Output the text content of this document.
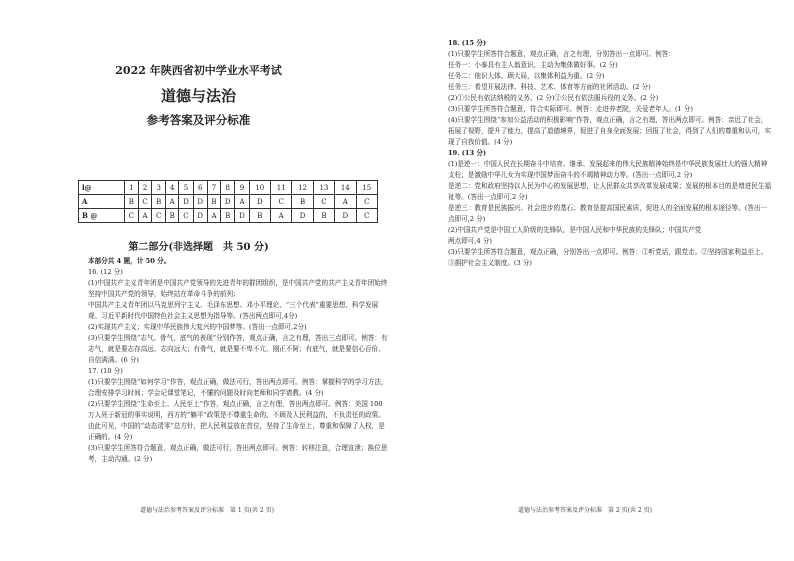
2022 年陕西省初中学业水平考试
道德与法治
参考答案及评分标准
l@	1	2	3	4	5	6	7	8	9	10	11	12	13	14	15
A	B	C	B	A	D	D	B	D	A	D	C	B	C	A	C
B @	C	A	C	B	C	D	A	B	D	B	A	D	B	D	C
第二部分(非选择题　共 50 分)

本部分共 4 题，计 50 分。

16. (12 分)

(1)中国共产主义青年团是中国共产党领导的先进青年的群团组织，是中国共产党的共产主义青年团始终坚持中国共产党的领导，始终站在革命斗争的前列；

中国共产主义青年团以马克思列宁主义、毛泽东思想、邓小平理论、“三个代表”重要思想、科学发展观、习近平新时代中国特色社会主义思想为指导等。(答出两点即可,4分)

(2)实现共产主义；实现中华民族伟大复兴的中国梦等。(答出一点即可,2分)

(3)只要学生围绕“志气、骨气、底气的表现”分别作答，观点正确，言之有理，答出三点即可。例答：有志气，就是要志存高远、志向远大；有骨气，就是要不卑不亢、刚正不阿；有底气，就是要信心百倍、自信满满。(6 分)

17. (10 分)

(1)只要学生围绕“如何学习”作答，观点正确，做法可行，答出两点即可。例答：掌握科学的学习方法，合理安排学习时间；学会记课堂笔记，不懂的问题及时向老师和同学请教。(4 分)

(2)只要学生围绕“生命至上、人民至上”作答，观点正确，言之有理，答出两点即可。例答：美国 100 万人死于新冠的事实说明，西方的“躺平”政策是不尊重生命的，不顾及人民利益的，不负责任的政策。由此可见，中国的“动态清零”总方针，把人民利益放在首位，坚持了生命至上，尊重和保障了人权，是正确的。(4 分)

(3)只要学生所答符合题意，观点正确，做法可行，答出两点即可。例答：转移注意，合理宣泄；换位思考，主动沟通。(2 分)

道德与法治参考答案及评分标准　第 1 页(共 2 页)

18. (15 分)

(1)只要学生所答符合题意，观点正确，言之有理，分别答出一点即可。例答：

任务一：小泰具有主人翁意识，主动为集体做好事。(2 分)

任务二：他识大体、顾大局，以集体利益为重。(2 分)

任务三：希望开展法律、科技、艺术、体育等方面的社团活动。(2 分)

(2)①公民有依法纳税的义务。(2 分)②公民有依法服兵役的义务。(2 分)

(3)只要学生所答符合题意，符合实际即可。例答：走进养老院，关爱老年人。(1 分)

(4)只要学生围绕“参加公益活动的积极影响”作答，观点正确，言之有理，答出两点即可。例答：亲近了社会，拓展了视野，提升了能力，提高了道德境界，促进了自身全面发展；回报了社会，得到了人们的尊重和认可，实现了自我价值。(4 分)

19. (13 分)

(1)是逆一：中国人民在长期奋斗中培育、继承、发展起来的伟大民族精神始终是中华民族发展壮大的强大精神支柱；是激励中华儿女为实现中国梦而奋斗的不竭精神动力等。(答出一点即可,2 分)

是逆二：党和政府坚持以人民为中心的发展思想，让人民群众共享改革发展成果；发展的根本目的是增进民生福祉等。(答出一点即可,2 分)

是逆三：教育是民族振兴、社会进步的基石；教育是提高国民素质，促进人的全面发展的根本途径等。(答出一点即可,2 分)

(2)中国共产党是中国工人阶级的先锋队，是中国人民和中华民族的先锋队；中国共产党

两点即可,4 分)

(3)只要学生所答符合题意，观点正确，分别答出一点即可。例答：①听党话，跟党走。②坚持国家利益至上。③拥护社会主义制度。(3 分)

道德与法治参考答案及评分标准　第 2 页(共 2 页)
